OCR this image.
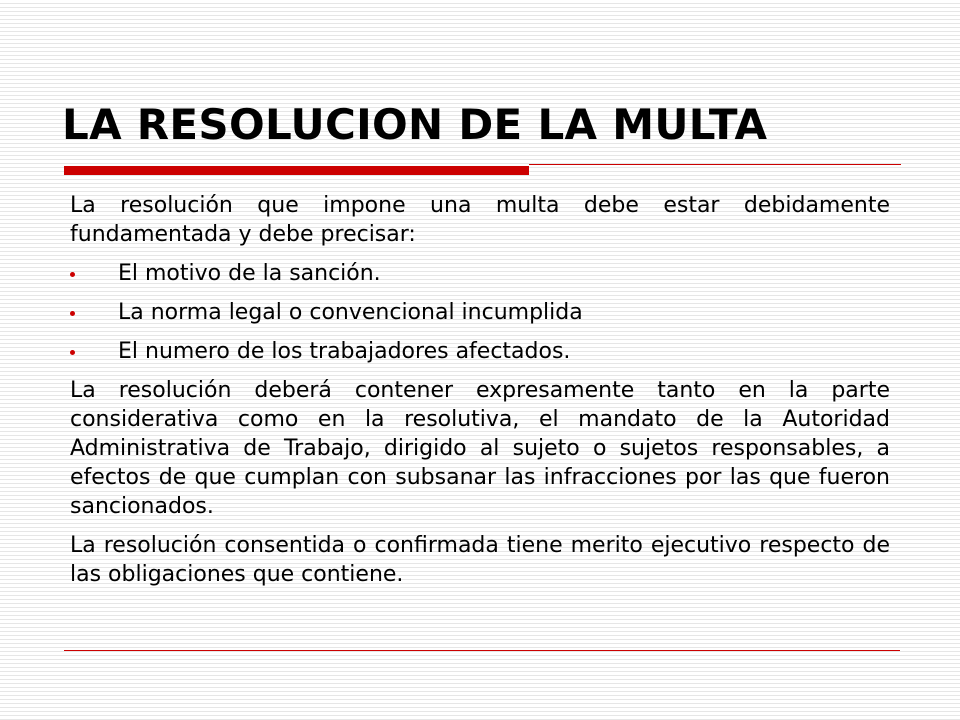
LA RESOLUCION DE LA MULTA

La resolución que impone una multa debe estar debidamente fundamentada y debe precisar:

El motivo de la sanción.
La norma legal o convencional incumplida
El numero de los trabajadores afectados.

La resolución deberá contener expresamente tanto en la parte considerativa como en la resolutiva, el mandato de la Autoridad Administrativa de Trabajo, dirigido al sujeto o sujetos responsables, a efectos de que cumplan con subsanar las infracciones por las que fueron sancionados.

La resolución consentida o confirmada tiene merito ejecutivo respecto de las obligaciones que contiene.
